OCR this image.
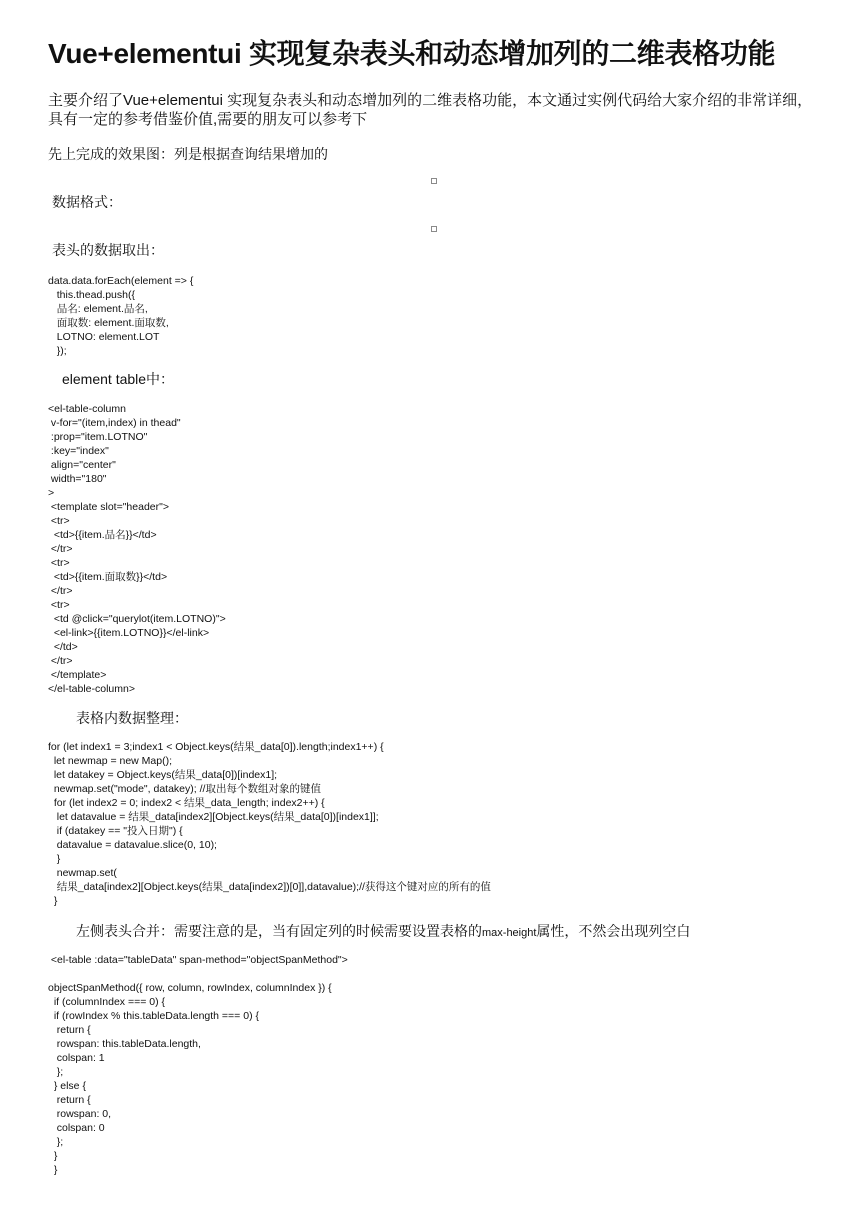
Vue+elementui 实现复杂表头和动态增加列的二维表格功能

主要介绍了Vue+elementui 实现复杂表头和动态增加列的二维表格功能，本文通过实例代码给大家介绍的非常详细，具有一定的参考借鉴价值,需要的朋友可以参考下

先上完成的效果图：列是根据查询结果增加的

数据格式：

表头的数据取出：

data.data.forEach(element => {
this.thead.push({
品名: element.品名,
面取数: element.面取数,
LOTNO: element.LOT
});

element table中：

<el-table-column
v-for="(item,index) in thead"
:prop="item.LOTNO"
:key="index"
align="center"
width="180"
>
<template slot="header">
<tr>
<td>{{item.品名}}</td>
</tr>
<tr>
<td>{{item.面取数}}</td>
</tr>
<tr>
<td @click="querylot(item.LOTNO)">
<el-link>{{item.LOTNO}}</el-link>
</td>
</tr>
</template>
</el-table-column>

表格内数据整理：

for (let index1 = 3;index1 < Object.keys(结果_data[0]).length;index1++) {
let newmap = new Map();
let datakey = Object.keys(结果_data[0])[index1];
newmap.set("mode", datakey); //取出每个数组对象的键值
for (let index2 = 0; index2 < 结果_data_length; index2++) {
let datavalue = 结果_data[index2][Object.keys(结果_data[0])[index1]];
if (datakey == "投入日期") {
datavalue = datavalue.slice(0, 10);
}
newmap.set(
结果_data[index2][Object.keys(结果_data[index2])[0]],datavalue);//获得这个键对应的所有的值
}

左侧表头合并：需要注意的是，当有固定列的时候需要设置表格的max-height属性，不然会出现列空白

<el-table :data="tableData" span-method="objectSpanMethod">
objectSpanMethod({ row, column, rowIndex, columnIndex }) {
if (columnIndex === 0) {
if (rowIndex % this.tableData.length === 0) {
return {
rowspan: this.tableData.length,
colspan: 1
};
} else {
return {
rowspan: 0,
colspan: 0
};
}
}
